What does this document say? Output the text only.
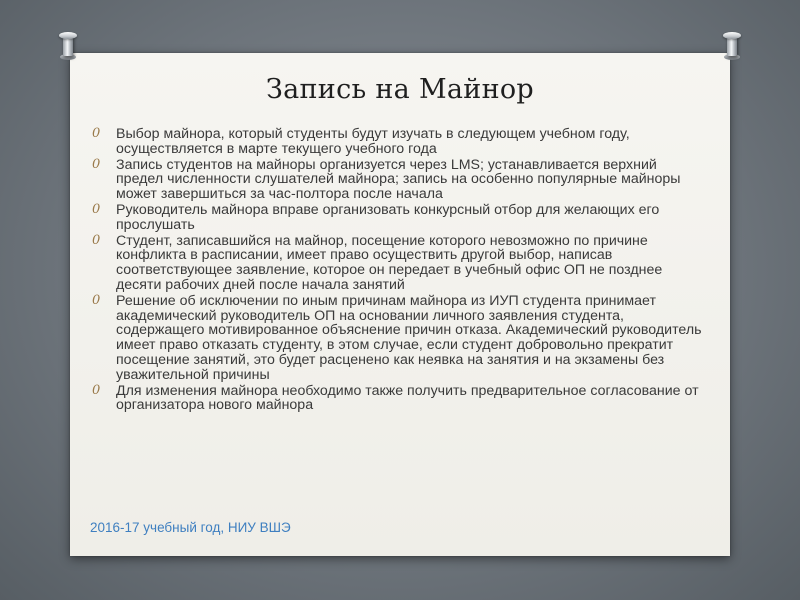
Запись на Майнор
0 Выбор майнора, который студенты будут изучать в следующем учебном году, осуществляется в марте текущего учебного года
0 Запись студентов на майноры организуется через LMS; устанавливается верхний предел численности слушателей майнора; запись на особенно популярные майноры может завершиться за час-полтора после начала
0 Руководитель майнора вправе организовать конкурсный отбор для желающих его прослушать
0 Студент, записавшийся на майнор, посещение которого невозможно по причине конфликта в расписании, имеет право осуществить другой выбор, написав соответствующее заявление, которое он передает в учебный офис ОП не позднее десяти рабочих дней после начала занятий
0 Решение об исключении по иным причинам майнора из ИУП студента принимает академический руководитель ОП на основании личного заявления студента, содержащего мотивированное объяснение причин отказа. Академический руководитель имеет право отказать студенту, в этом случае, если студент добровольно прекратит посещение занятий, это будет расценено как неявка на занятия и на экзамены без уважительной причины
0 Для изменения майнора необходимо также получить предварительное согласование от организатора нового майнора
2016-17 учебный год, НИУ ВШЭ
